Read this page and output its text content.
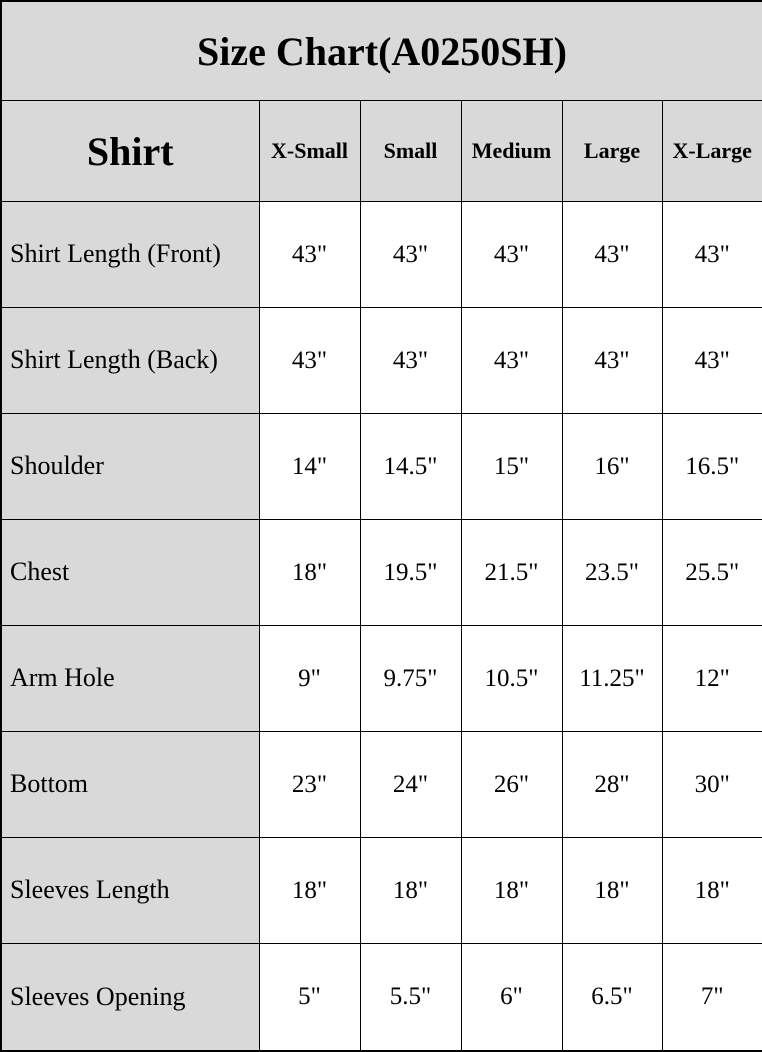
Size Chart(A0250SH)					
Shirt	X-Small	Small	Medium	Large	X-Large
Shirt Length (Front)	43"	43"	43"	43"	43"
Shirt Length (Back)	43"	43"	43"	43"	43"
Shoulder	14"	14.5"	15"	16"	16.5"
Chest	18"	19.5"	21.5"	23.5"	25.5"
Arm Hole	9"	9.75"	10.5"	11.25"	12"
Bottom	23"	24"	26"	28"	30"
Sleeves Length	18"	18"	18"	18"	18"
Sleeves Opening	5"	5.5"	6"	6.5"	7"
